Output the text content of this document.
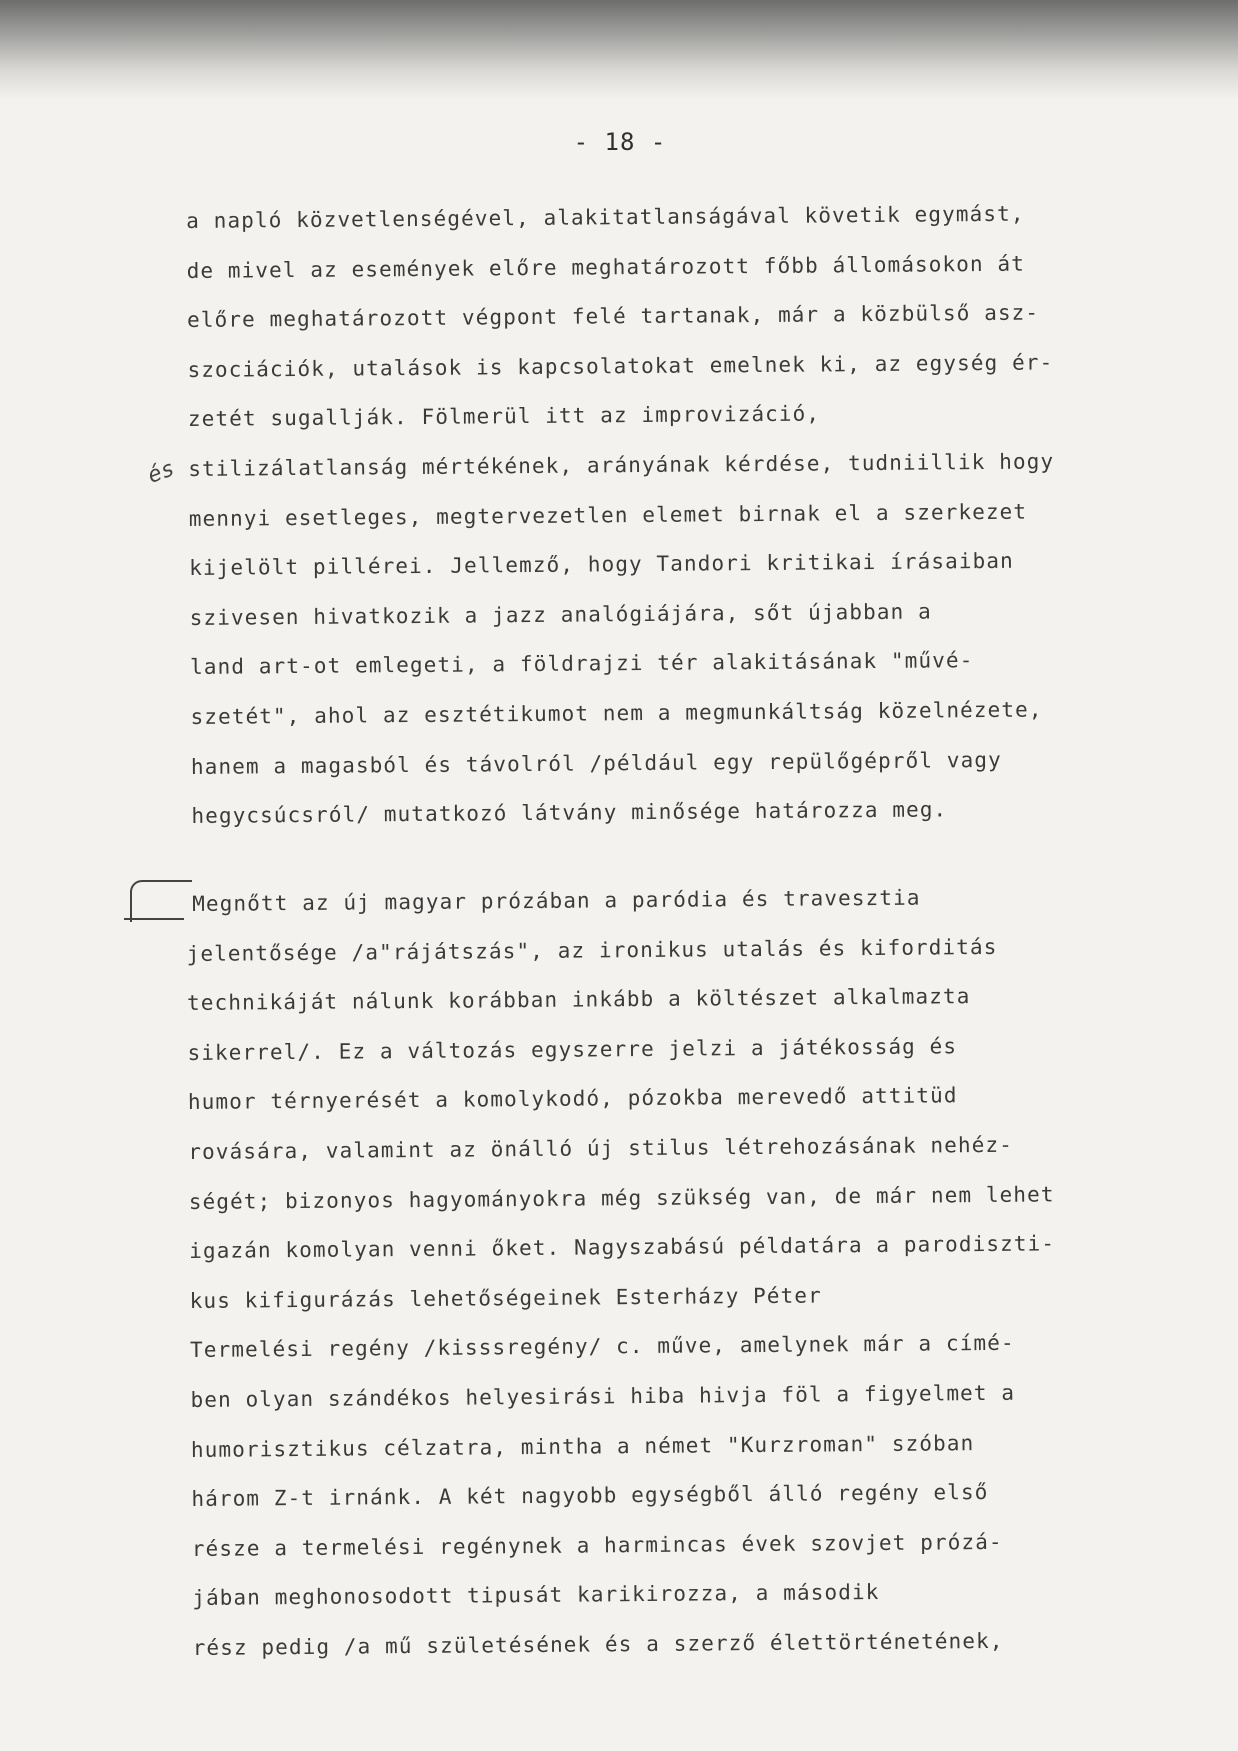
- 18 -
és
a napló közvetlenségével, alakitatlanságával követik egymást,
de mivel az események előre meghatározott főbb állomásokon át
előre meghatározott végpont felé tartanak, már a közbülső asz-
szociációk, utalások is kapcsolatokat emelnek ki, az egység ér-
zetét sugallják. Fölmerül itt az improvizáció,
stilizálatlanság mértékének, arányának kérdése, tudniillik hogy
mennyi esetleges, megtervezetlen elemet birnak el a szerkezet
kijelölt pillérei. Jellemző, hogy Tandori kritikai írásaiban
szivesen hivatkozik a jazz analógiájára, sőt újabban a
land art-ot emlegeti, a földrajzi tér alakitásának "művé-
szetét", ahol az esztétikumot nem a megmunkáltság közelnézete,
hanem a magasból és távolról /például egy repülőgépről vagy
hegycsúcsról/ mutatkozó látvány minősége határozza meg.
Megnőtt az új magyar prózában a paródia és travesztia
jelentősége /a"rájátszás", az ironikus utalás és kiforditás
technikáját nálunk korábban inkább a költészet alkalmazta
sikerrel/. Ez a változás egyszerre jelzi a játékosság és
humor térnyerését a komolykodó, pózokba merevedő attitüd
rovására, valamint az önálló új stilus létrehozásának nehéz-
ségét; bizonyos hagyományokra még szükség van, de már nem lehet
igazán komolyan venni őket. Nagyszabású példatára a parodiszti-
kus kifigurázás lehetőségeinek Esterházy Péter
Termelési regény /kisssregény/ c. műve, amelynek már a címé-
ben olyan szándékos helyesirási hiba hivja föl a figyelmet a
humorisztikus célzatra, mintha a német "Kurzroman" szóban
három Z-t irnánk. A két nagyobb egységből álló regény első
része a termelési regénynek a harmincas évek szovjet prózá-
jában meghonosodott tipusát karikirozza, a második
rész pedig /a mű születésének és a szerző élettörténetének,
